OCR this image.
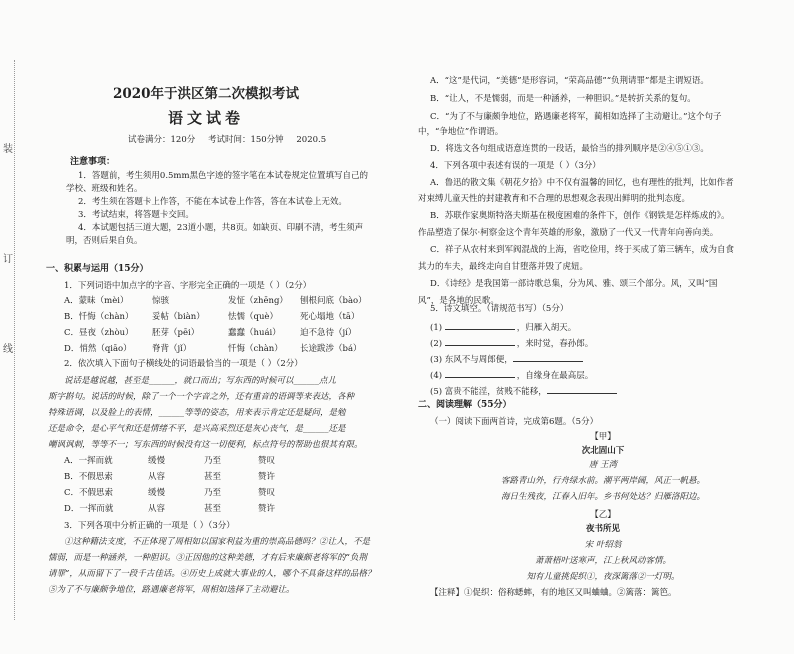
装
订
线
2020年于洪区第二次模拟考试
语文试卷
试卷满分：120分 考试时间：150分钟 2020.5
注意事项：
1．答题前，考生须用0.5mm黑色字迹的签字笔在本试卷规定位置填写自己的
学校、班级和姓名。
2．考生须在答题卡上作答，不能在本试卷上作答，答在本试卷上无效。
3．考试结束，将答题卡交回。
4．本试题包括三道大题，23道小题，共8页。如缺页、印刷不清，考生须声
明，否则后果自负。
一、积累与运用（15分）
1．下列词语中加点字的字音、字形完全正确的一项是（ ）（2分）
A．蒙昧（mèi）	惊骇	发怔（zhēng） 刨根问底（bào）
B．忏悔（chàn） 妥帖（biàn）	怯懦（què）	死心塌地（tā）
C．昼夜（zhòu） 胚芽（pēi）	蠢蠢（huái） 迫不急待（jí）
D．悄然（qiāo） 脊背（jǐ）	忏悔（chàn） 长途跋涉（bá）
2．依次填入下面句子横线处的词语最恰当的一项是（ ）（2分）
说话是越说越，甚至是______，就口而出；写东西的时候可以______点儿
斯字斟句。说话的时候，除了一个一个字音之外，还有重音的语调等来表达，各种
特殊语调，以及脸上的表情，______等等的姿态，用来表示肯定还是疑问，是勉
还是命令，是心平气和还是情绪不平，是兴高采烈还是灰心丧气，是______还是
嘲讽讽刺，等等不一；写东西的时候没有这一切便利，标点符号的帮助也很其有限。
A．一挥而就	缓慢	乃至	赞叹
B．不假思索	从容	甚至	赞许
C．不假思索	缓慢	乃至	赞叹
D．一挥而就	从容	甚至	赞许
3．下列各项中分析正确的一项是（ ）（3分）
①这种籍法支度，不正体现了周相如以国家利益为重的崇高品德吗？②让人，不是
懦弱，而是一种涵养，一种胆识。③正因他的这种美德，才有后来廉颇老将军的“负荆
请罪”，从而留下了一段千古佳话。④历史上成就大事业的人，哪个不具备这样的品格？
⑤为了不与廉颇争地位，路遇廉老将军，周相如选择了主动避让。
A．“这”是代词，“美德”是形容词，“荣高品德”“负荆请罪”都是主谓短语。
B．“让人，不是懦弱，而是一种涵养，一种胆识。”是转折关系的复句。
C．“为了不与廉颇争地位，路遇廉老将军，蔺相如选择了主动避让。”这个句子
中，“争地位”作谓语。
D．将选文各句组成语意连贯的一段话，最恰当的排列顺序是②④⑤①③。
4．下列各项中表述有误的一项是（ ）（3分）
A．鲁迅的散文集《朝花夕拾》中不仅有温馨的回忆，也有理性的批判，比如作者
对束缚儿童天性的封建教育和不合理的思想观念表现出鲜明的批判态度。
B．苏联作家奥斯特洛夫斯基在极度困难的条件下，创作《钢铁是怎样炼成的》。
作品塑造了保尔·柯察金这个青年英雄的形象，激励了一代又一代青年向善向美。
C．祥子从农村来到军阀混战的上海，省吃俭用，终于买成了第三辆车，成为自食
其力的车夫，最终走向自甘堕落并毁了虎妞。
D．《诗经》是我国第一部诗歌总集，分为风、雅、颂三个部分。风，又叫“国
风”，是各地的民歌。
5．诗文填空。（请规范书写）（5分）
(1)	，归雁入胡天。
(2)	，来时觉，春孙郎。
(3) 东风不与周郎便，
(4)	，自缘身在最高层。
(5) 富贵不能淫，贫贱不能移，
二、阅读理解（55分）
（一）阅读下面两首诗，完成第6题。（5分）
【甲】
次北固山下
唐 王湾
客路青山外，行舟绿水前。潮平两岸阔，风正一帆悬。
海日生残夜，江春入旧年。乡书何处达？归雁洛阳边。
【乙】
夜书所见
宋 叶绍翁
萧萧梧叶送寒声，江上秋风动客情。
知有儿童挑促织①，夜深篱落②一灯明。
【注释】①促织：俗称蟋蟀，有的地区又叫蛐蛐。②篱落：篱笆。
